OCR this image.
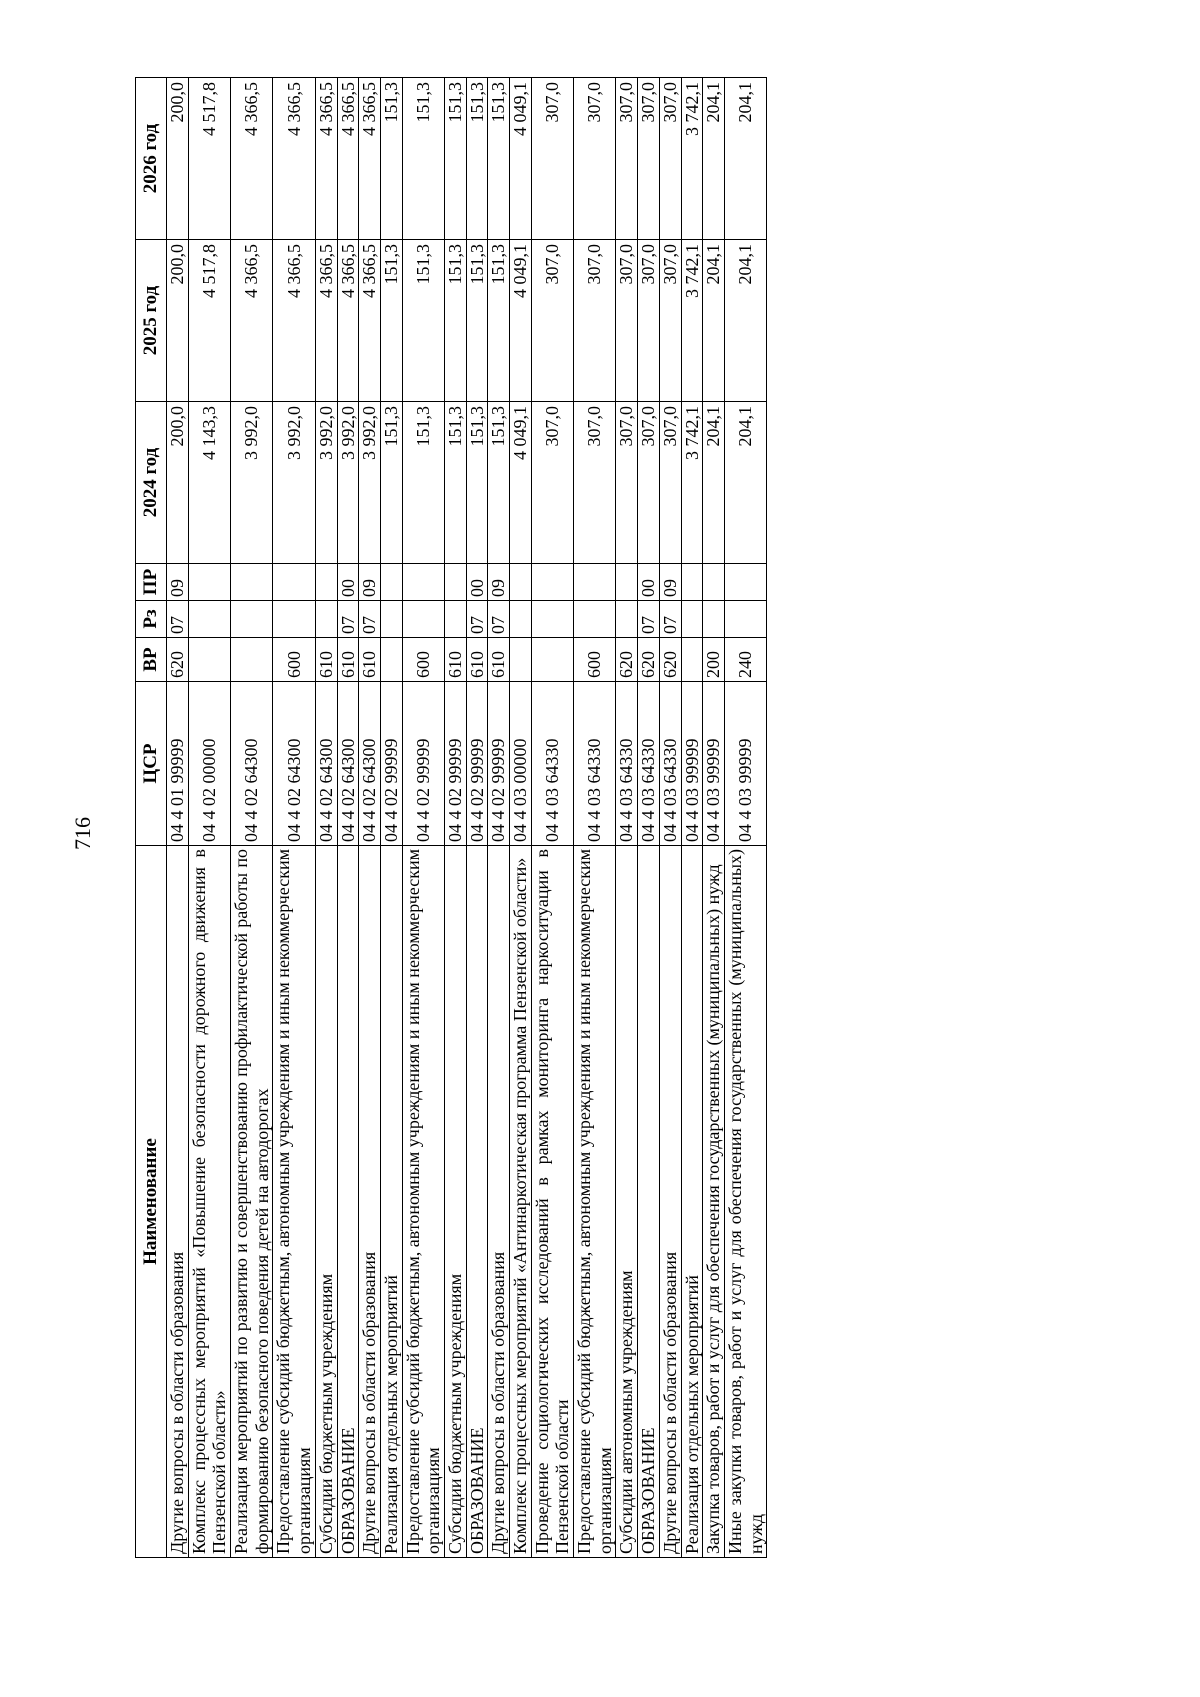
716
Наименование	ЦСР	ВР	Рз	ПР	2024 год	2025 год	2026 год
Другие вопросы в области образования	04 4 01 99999	620	07	09	200,0	200,0	200,0
Комплекс процессных мероприятий «Повышение безопасности дорожного движения в Пензенской области»	04 4 02 00000				4 143,3	4 517,8	4 517,8
Реализация мероприятий по развитию и совершенствованию профилактической работы по формированию безопасного поведения детей на автодорогах	04 4 02 64300				3 992,0	4 366,5	4 366,5
Предоставление субсидий бюджетным, автономным учреждениям и иным некоммерческим организациям	04 4 02 64300	600			3 992,0	4 366,5	4 366,5
Субсидии бюджетным учреждениям	04 4 02 64300	610			3 992,0	4 366,5	4 366,5
ОБРАЗОВАНИЕ	04 4 02 64300	610	07	00	3 992,0	4 366,5	4 366,5
Другие вопросы в области образования	04 4 02 64300	610	07	09	3 992,0	4 366,5	4 366,5
Реализация отдельных мероприятий	04 4 02 99999				151,3	151,3	151,3
Предоставление субсидий бюджетным, автономным учреждениям и иным некоммерческим организациям	04 4 02 99999	600			151,3	151,3	151,3
Субсидии бюджетным учреждениям	04 4 02 99999	610			151,3	151,3	151,3
ОБРАЗОВАНИЕ	04 4 02 99999	610	07	00	151,3	151,3	151,3
Другие вопросы в области образования	04 4 02 99999	610	07	09	151,3	151,3	151,3
Комплекс процессных мероприятий «Антинаркотическая программа Пензенской области»	04 4 03 00000				4 049,1	4 049,1	4 049,1
Проведение социологических исследований в рамках мониторинга наркоситуации в Пензенской области	04 4 03 64330				307,0	307,0	307,0
Предоставление субсидий бюджетным, автономным учреждениям и иным некоммерческим организациям	04 4 03 64330	600			307,0	307,0	307,0
Субсидии автономным учреждениям	04 4 03 64330	620			307,0	307,0	307,0
ОБРАЗОВАНИЕ	04 4 03 64330	620	07	00	307,0	307,0	307,0
Другие вопросы в области образования	04 4 03 64330	620	07	09	307,0	307,0	307,0
Реализация отдельных мероприятий	04 4 03 99999				3 742,1	3 742,1	3 742,1
Закупка товаров, работ и услуг для обеспечения государственных (муниципальных) нужд	04 4 03 99999	200			204,1	204,1	204,1
Иные закупки товаров, работ и услуг для обеспечения государственных (муниципальных) нужд	04 4 03 99999	240			204,1	204,1	204,1
